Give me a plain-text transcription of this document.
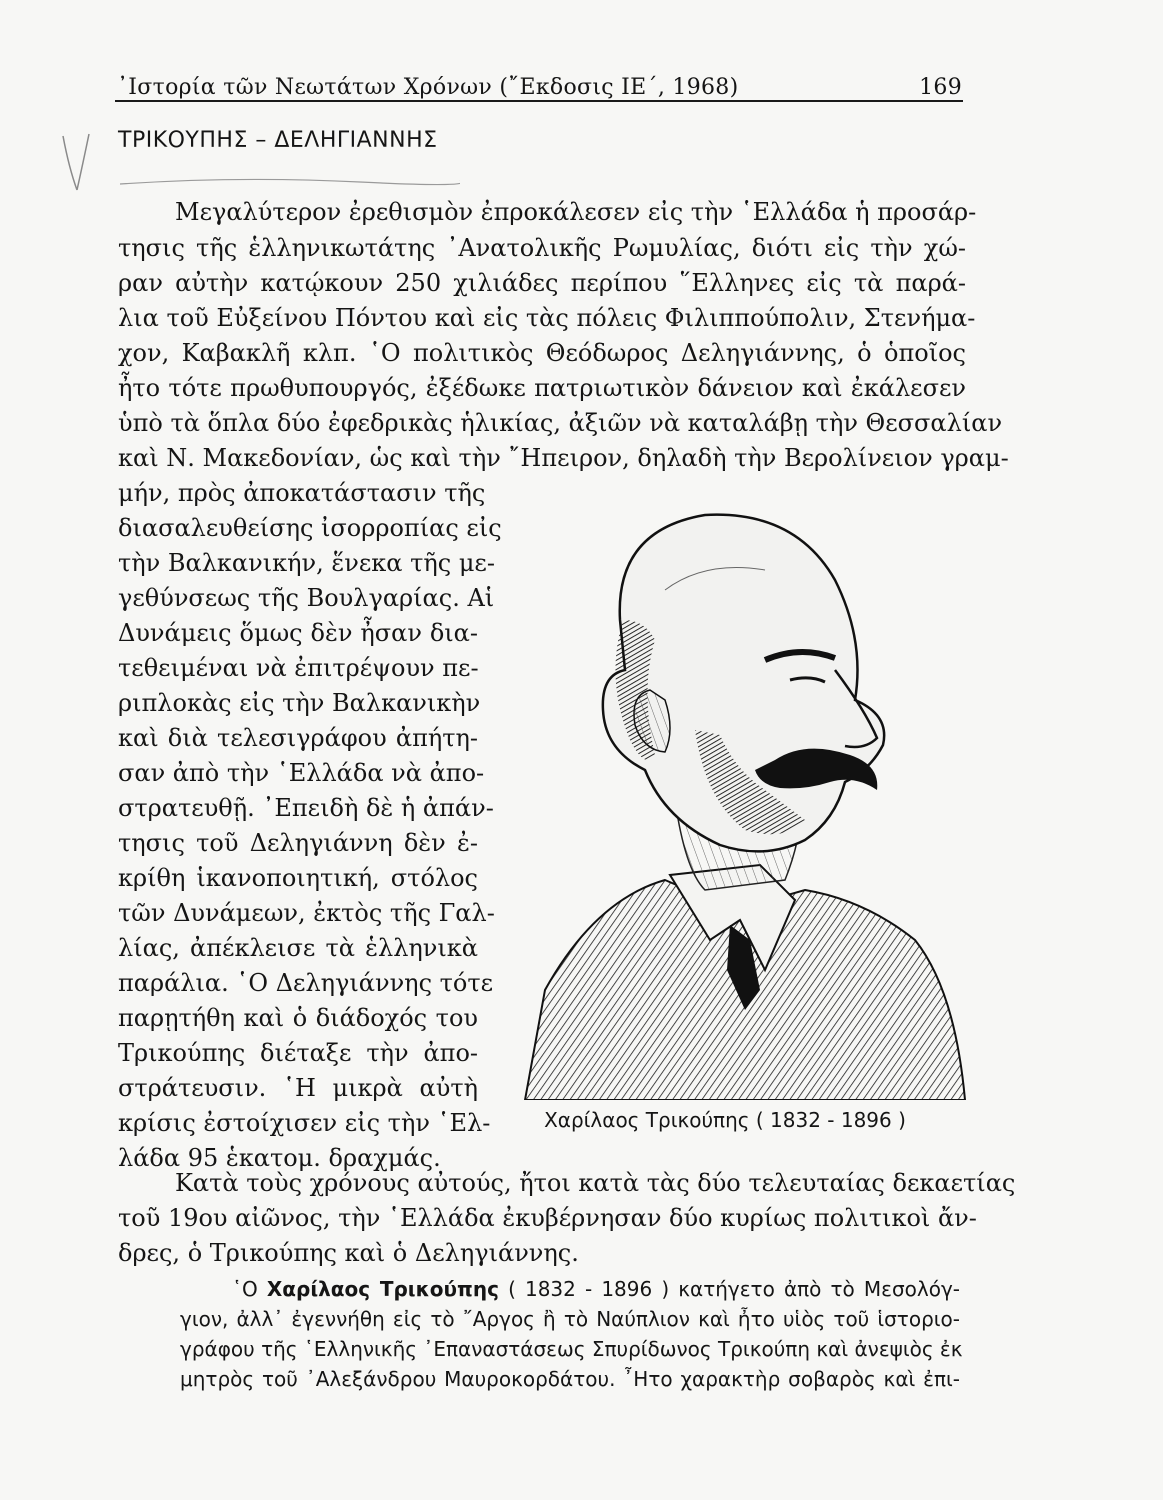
᾿Ιστορία τῶν Νεωτάτων Χρόνων (῎Εκδοσις ΙΕ΄, 1968)	169
ΤΡΙΚΟΥΠΗΣ – ΔΕΛΗΓΙΑΝΝΗΣ
Μεγαλύτερον ἐρεθισμὸν ἐπροκάλεσεν εἰς τὴν ῾Ελλάδα ἡ προσάρ-
τησις τῆς ἑλληνικωτάτης ᾿Ανατολικῆς Ρωμυλίας, διότι εἰς τὴν χώ-
ραν αὐτὴν κατῴκουν 250 χιλιάδες περίπου ῞Ελληνες εἰς τὰ παρά-
λια τοῦ Εὐξείνου Πόντου καὶ εἰς τὰς πόλεις Φιλιππούπολιν, Στενήμα-
χον, Καβακλῆ κλπ. ῾Ο πολιτικὸς Θεόδωρος Δεληγιάννης, ὁ ὁποῖος
ἦτο τότε πρωθυπουργός, ἐξέδωκε πατριωτικὸν δάνειον καὶ ἐκάλεσεν
ὑπὸ τὰ ὅπλα δύο ἐφεδρικὰς ἡλικίας, ἀξιῶν νὰ καταλάβῃ τὴν Θεσσαλίαν
καὶ Ν. Μακεδονίαν, ὡς καὶ τὴν ῎Ηπειρον, δηλαδὴ τὴν Βερολίνειον γραμ-
μήν, πρὸς ἀποκατάστασιν τῆς
διασαλευθείσης ἰσορροπίας εἰς
τὴν Βαλκανικήν, ἕνεκα τῆς με-
γεθύνσεως τῆς Βουλγαρίας. Αἱ
Δυνάμεις ὅμως δὲν ἦσαν δια-
τεθειμέναι νὰ ἐπιτρέψουν πε-
ριπλοκὰς εἰς τὴν Βαλκανικὴν
καὶ διὰ τελεσιγράφου ἀπήτη-
σαν ἀπὸ τὴν ῾Ελλάδα νὰ ἀπο-
στρατευθῇ. ᾿Επειδὴ δὲ ἡ ἀπάν-
τησις τοῦ Δεληγιάννη δὲν ἐ-
κρίθη ἱκανοποιητική, στόλος
τῶν Δυνάμεων, ἐκτὸς τῆς Γαλ-
λίας, ἀπέκλεισε τὰ ἑλληνικὰ
παράλια. ῾Ο Δεληγιάννης τότε
παρῃτήθη καὶ ὁ διάδοχός του
Τρικούπης διέταξε τὴν ἀπο-
στράτευσιν. ῾Η μικρὰ αὐτὴ
κρίσις ἐστοίχισεν εἰς τὴν ῾Ελ-
λάδα 95 ἑκατομ. δραχμάς.
Χαρίλαος Τρικούπης ( 1832 - 1896 )
Κατὰ τοὺς χρόνους αὐτούς, ἤτοι κατὰ τὰς δύο τελευταίας δεκαετίας
τοῦ 19ου αἰῶνος, τὴν ῾Ελλάδα ἐκυβέρνησαν δύο κυρίως πολιτικοὶ ἄν-
δρες, ὁ Τρικούπης καὶ ὁ Δεληγιάννης.
῾Ο Χαρίλαος Τρικούπης ( 1832 - 1896 ) κατήγετο ἀπὸ τὸ Μεσολόγ-
γιον, ἀλλ᾿ ἐγεννήθη εἰς τὸ ῎Αργος ἢ τὸ Ναύπλιον καὶ ἦτο υἱὸς τοῦ ἱστοριο-
γράφου τῆς ῾Ελληνικῆς ᾿Επαναστάσεως Σπυρίδωνος Τρικούπη καὶ ἀνεψιὸς ἐκ
μητρὸς τοῦ ᾿Αλεξάνδρου Μαυροκορδάτου. ῏Ητο χαρακτὴρ σοβαρὸς καὶ ἐπι-
